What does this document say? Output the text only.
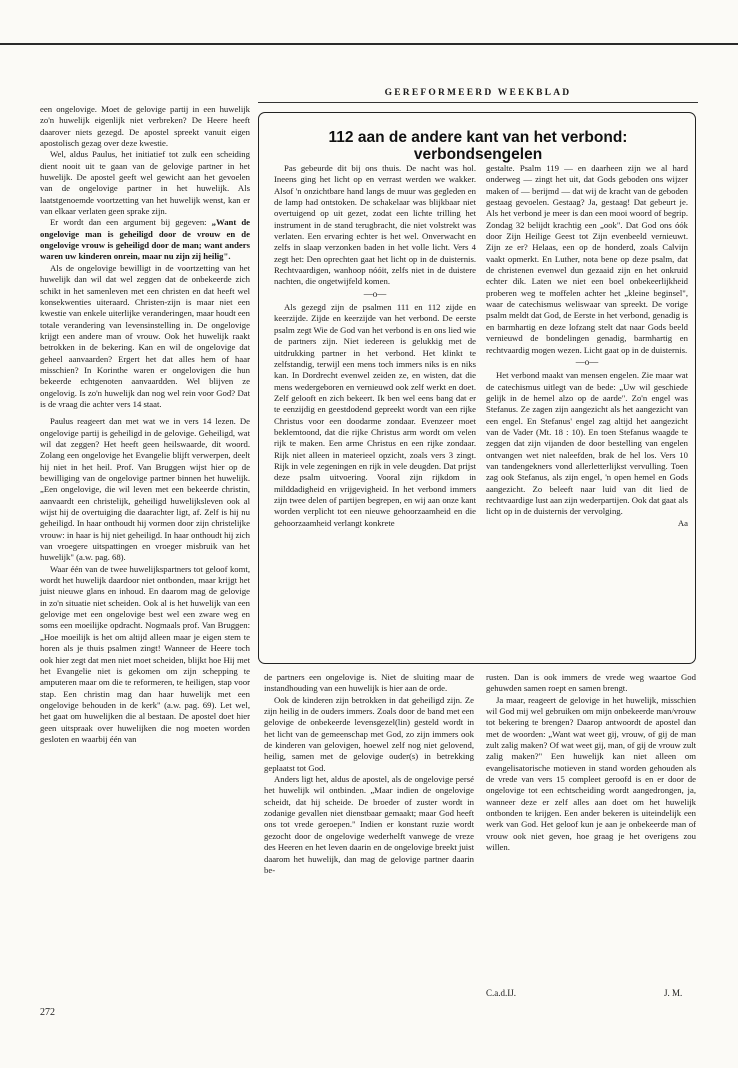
GEREFORMEERD WEEKBLAD

een ongelovige. Moet de gelovige partij in een huwelijk zo'n huwelijk eigenlijk niet verbreken? De Heere heeft daarover niets gezegd. De apostel spreekt vanuit eigen apostolisch gezag over deze kwestie.

Wel, aldus Paulus, het initiatief tot zulk een scheiding dient nooit uit te gaan van de gelovige partner in het huwelijk. De apostel geeft wel gewicht aan het gevoelen van de ongelovige partner in het huwelijk. Als laatstgenoemde voortzetting van het huwelijk wenst, kan er van elkaar verlaten geen sprake zijn.

Er wordt dan een argument bij gegeven: „Want de ongelovige man is geheiligd door de vrouw en de ongelovige vrouw is geheiligd door de man; want anders waren uw kinderen onrein, maar nu zijn zij heilig".

Als de ongelovige bewilligt in de voortzetting van het huwelijk dan wil dat wel zeggen dat de onbekeerde zich schikt in het samenleven met een christen en dat heeft wel konsekwenties uiteraard. Christen-zijn is maar niet een kwestie van enkele uiterlijke veranderingen, maar houdt een totale verandering van levensinstelling in. De ongelovige krijgt een andere man of vrouw. Ook het huwelijk raakt betrokken in de bekering. Kan en wil de ongelovige dat geheel aanvaarden? Ergert het dat alles hem of haar misschien? In Korinthe waren er ongelovigen die hun bekeerde echtgenoten aanvaardden. Wel blijven ze ongelovig. Is zo'n huwelijk dan nog wel rein voor God? Dat is de vraag die achter vers 14 staat.

Paulus reageert dan met wat we in vers 14 lezen. De ongelovige partij is geheiligd in de gelovige. Geheiligd, wat wil dat zeggen? Het heeft geen heilswaarde, dit woord. Zolang een ongelovige het Evangelie blijft verwerpen, deelt hij niet in het heil. Prof. Van Bruggen wijst hier op de bewilliging van de ongelovige partner binnen het huwelijk. „Een ongelovige, die wil leven met een bekeerde christin, aanvaardt een christelijk, geheiligd huwelijksleven ook al wijst hij de overtuiging die daarachter ligt, af. Zelf is hij nu geheiligd. In haar onthoudt hij vormen door zijn christelijke vrouw: in haar is hij niet geheiligd. In haar onthoudt hij zich van vroegere uitspattingen en vroeger misbruik van het huwelijk" (a.w. pag. 68).

Waar één van de twee huwelijkspartners tot geloof komt, wordt het huwelijk daardoor niet ontbonden, maar krijgt het juist nieuwe glans en inhoud. En daarom mag de gelovige in zo'n situatie niet scheiden. Ook al is het huwelijk van een gelovige met een ongelovige best wel een zware weg en soms een moeilijke opdracht. Nogmaals prof. Van Bruggen: „Hoe moeilijk is het om altijd alleen maar je eigen stem te horen als je thuis psalmen zingt! Wanneer de Heere toch ook hier zegt dat men niet moet scheiden, blijkt hoe Hij met het Evangelie niet is gekomen om zijn schepping te amputeren maar om die te reformeren, te heiligen, stap voor stap. Een christin mag dan haar huwelijk met een ongelovige behouden in de kerk" (a.w. pag. 69). Let wel, het gaat om huwelijken die al bestaan. De apostel doet hier geen uitspraak over huwelijken die nog moeten worden gesloten en waarbij één van

112 aan de andere kant van het verbond:
verbondsengelen

Pas gebeurde dit bij ons thuis. De nacht was hol. Ineens ging het licht op en verrast werden we wakker. Alsof 'n onzichtbare hand langs de muur was gegleden en de lamp had ontstoken. De schakelaar was blijkbaar niet overtuigend op uit gezet, zodat een lichte trilling het instrument in de stand terugbracht, die niet volstrekt was verlaten. Een ervaring echter is het wel. Onverwacht en zelfs in slaap verzonken baden in het volle licht. Vers 4 zegt het: Den oprechten gaat het licht op in de duisternis. Rechtvaardigen, wanhoop nóóit, zelfs niet in de duistere nachten, die ongetwijfeld komen.

—o—

Als gezegd zijn de psalmen 111 en 112 zijde en keerzijde. Zijde en keerzijde van het verbond. De eerste psalm zegt Wie de God van het verbond is en ons lied wie de partners zijn. Niet iedereen is gelukkig met de uitdrukking partner in het verbond. Het klinkt te zelfstandig, terwijl een mens toch immers niks is en niks kan. In Dordrecht evenwel zeiden ze, en wisten, dat die mens wedergeboren en vernieuwd ook zelf werkt en doet. Zelf gelooft en zich bekeert. Ik ben wel eens bang dat er te eenzijdig en geestdodend gepreekt wordt van een rijke Christus voor een doodarme zondaar. Evenzeer moet beklemtoond, dat die rijke Christus arm wordt om velen rijk te maken. Een arme Christus en een rijke zondaar. Rijk niet alleen in materieel opzicht, zoals vers 3 zingt. Rijk in vele zegeningen en rijk in vele deugden. Dat prijst deze psalm uitvoering. Vooral zijn rijkdom in milddadigheid en vrijgevigheid. In het verbond immers zijn twee delen of partijen begrepen, en wij aan onze kant worden verplicht tot een nieuwe gehoorzaamheid en die gehoorzaamheid verlangt konkrete

gestalte. Psalm 119 — en daarheen zijn we al hard onderweg — zingt het uit, dat Gods geboden ons wijzer maken of — berijmd — dat wij de kracht van de geboden gestaag gevoelen. Gestaag? Ja, gestaag! Dat gebeurt je. Als het verbond je meer is dan een mooi woord of begrip. Zondag 32 belijdt krachtig een „ook". Dat God ons óók door Zijn Heilige Geest tot Zijn evenbeeld vernieuwt. Zijn ze er? Helaas, een op de honderd, zoals Calvijn vaakt opmerkt. En Luther, nota bene op deze psalm, dat de christenen evenwel dun gezaaid zijn en het onkruid echter dik. Laten we niet een boel onbekeerlijkheid proberen weg te moffelen achter het „kleine beginsel", waar de catechismus weliswaar van spreekt. De vorige psalm meldt dat God, de Eerste in het verbond, genadig is en barmhartig en deze lofzang stelt dat naar Gods beeld vernieuwd de bondelingen genadig, barmhartig en rechtvaardig mogen wezen. Licht gaat op in de duisternis.

—o—

Het verbond maakt van mensen engelen. Zie maar wat de catechismus uitlegt van de bede: „Uw wil geschiede gelijk in de hemel alzo op de aarde". Zo'n engel was Stefanus. Ze zagen zijn aangezicht als het aangezicht van een engel. En Stefanus' engel zag altijd het aangezicht van de Vader (Mt. 18 : 10). En toen Stefanus waagde te zeggen dat zijn vijanden de door bestelling van engelen ontvangen wet niet naleefden, brak de hel los. Vers 10 van tandengekners vond allerletterlijkst vervulling. Toen zag ook Stefanus, als zijn engel, 'n open hemel en Gods aangezicht. Zo beleeft naar luid van dit lied de rechtvaardige lust aan zijn wederpartijen. Ook dat gaat als licht op in de duisternis der vervolging.

Aa

de partners een ongelovige is. Niet de sluiting maar de instandhouding van een huwelijk is hier aan de orde.

Ook de kinderen zijn betrokken in dat geheiligd zijn. Ze zijn heilig in de ouders immers. Zoals door de band met een gelovige de onbekeerde levensgezel(lin) gesteld wordt in het licht van de gemeenschap met God, zo zijn immers ook de kinderen van gelovigen, hoewel zelf nog niet gelovend, heilig, samen met de gelovige ouder(s) in betrekking geplaatst tot God.

Anders ligt het, aldus de apostel, als de ongelovige persé het huwelijk wil ontbinden. „Maar indien de ongelovige scheidt, dat hij scheide. De broeder of zuster wordt in zodanige gevallen niet dienstbaar gemaakt; maar God heeft ons tot vrede geroepen." Indien er konstant ruzie wordt gezocht door de ongelovige wederhelft vanwege de vreze des Heeren en het leven daarin en de ongelovige breekt juist daarom het huwelijk, dan mag de gelovige partner daarin be-

rusten. Dan is ook immers de vrede weg waartoe God gehuwden samen roept en samen brengt.

Ja maar, reageert de gelovige in het huwelijk, misschien wil God mij wel gebruiken om mijn onbekeerde man/vrouw tot bekering te brengen? Daarop antwoordt de apostel dan met de woorden: „Want wat weet gij, vrouw, of gij de man zult zalig maken? Of wat weet gij, man, of gij de vrouw zult zalig maken?" Een huwelijk kan niet alleen om evangelisatorische motieven in stand worden gehouden als de vrede van vers 15 compleet geroofd is en er door de ongelovige tot een echtscheiding wordt aangedrongen, ja, wanneer deze er zelf alles aan doet om het huwelijk ontbonden te krijgen. Een ander bekeren is uiteindelijk een werk van God. Het geloof kun je aan je onbekeerde man of vrouw ook niet geven, hoe graag je het overigens zou willen.

C.a.d.IJ.	J. M.
272
